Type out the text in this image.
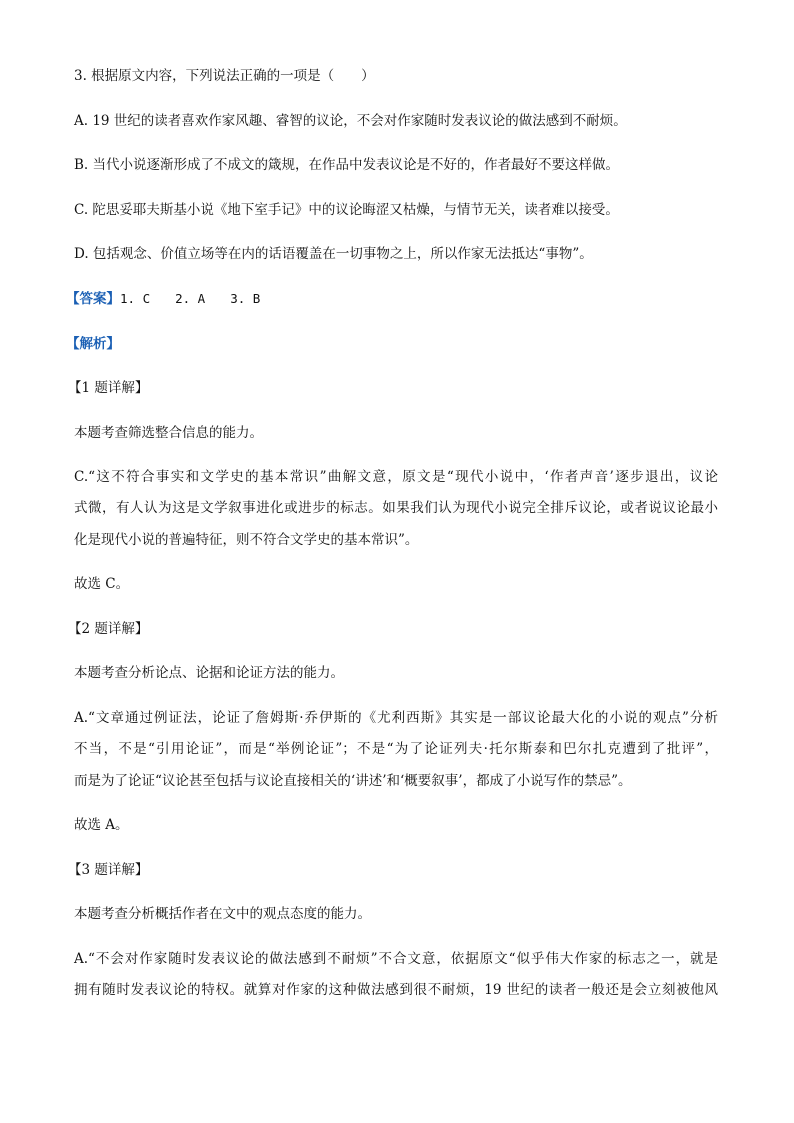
3. 根据原文内容，下列说法正确的一项是（　　）
A. 19 世纪的读者喜欢作家风趣、睿智的议论，不会对作家随时发表议论的做法感到不耐烦。
B. 当代小说逐渐形成了不成文的箴规，在作品中发表议论是不好的，作者最好不要这样做。
C. 陀思妥耶夫斯基小说《地下室手记》中的议论晦涩又枯燥，与情节无关，读者难以接受。
D. 包括观念、价值立场等在内的话语覆盖在一切事物之上，所以作家无法抵达“事物”。
【答案】1. C　　2. A　　3. B
【解析】
【1 题详解】
本题考查筛选整合信息的能力。
C.“这不符合事实和文学史的基本常识”曲解文意，原文是“现代小说中，‘作者声音’逐步退出，议论
式微，有人认为这是文学叙事进化或进步的标志。如果我们认为现代小说完全排斥议论，或者说议论最小
化是现代小说的普遍特征，则不符合文学史的基本常识”。
故选 C。
【2 题详解】
本题考查分析论点、论据和论证方法的能力。
A.“文章通过例证法，论证了詹姆斯·乔伊斯的《尤利西斯》其实是一部议论最大化的小说的观点”分析
不当，不是“引用论证”，而是“举例论证”；不是“为了论证列夫·托尔斯泰和巴尔扎克遭到了批评”，
而是为了论证“议论甚至包括与议论直接相关的‘讲述’和‘概要叙事’，都成了小说写作的禁忌”。
故选 A。
【3 题详解】
本题考查分析概括作者在文中的观点态度的能力。
A.“不会对作家随时发表议论的做法感到不耐烦”不合文意，依据原文“似乎伟大作家的标志之一，就是
拥有随时发表议论的特权。就算对作家的这种做法感到很不耐烦，19 世纪的读者一般还是会立刻被他风
